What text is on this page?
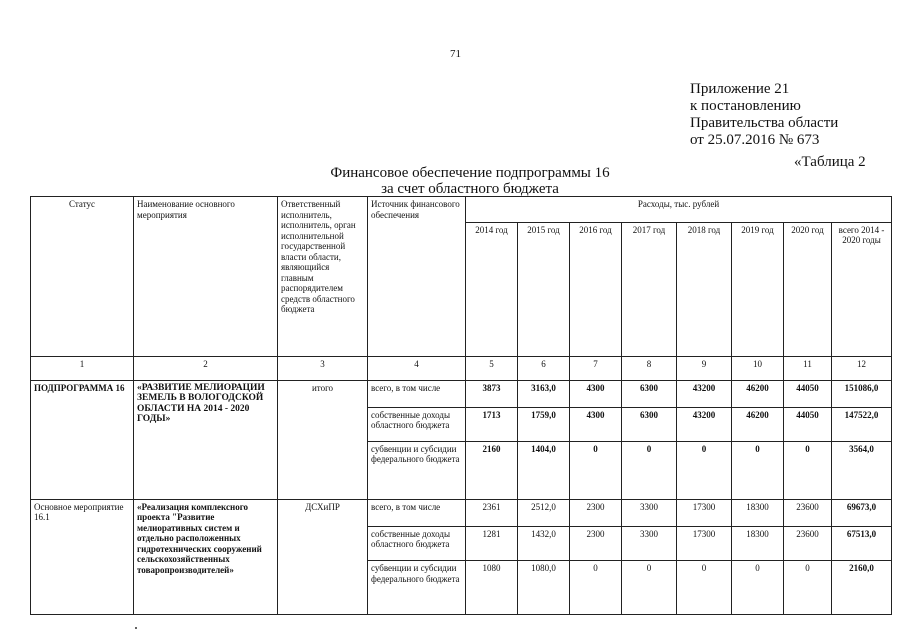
71
Приложение 21
к постановлению
Правительства области
от 25.07.2016 № 673
«Таблица 2
Финансовое обеспечение подпрограммы 16
за счет областного бюджета
Статус	Наименование основного мероприятия	Ответственный исполнитель, исполнитель, орган исполнительной государственной власти области, являющийся главным распорядителем средств областного бюджета	Источник финансового обеспечения	Расходы, тыс. рублей							
				2014 год	2015 год	2016 год	2017 год	2018 год	2019 год	2020 год	всего 2014 - 2020 годы
1	2	3	4	5	6	7	8	9	10	11	12
ПОДПРОГРАММА 16	«РАЗВИТИЕ МЕЛИОРАЦИИ ЗЕМЕЛЬ В ВОЛОГОДСКОЙ ОБЛАСТИ НА 2014 - 2020 ГОДЫ»	итого	всего, в том числе	3873	3163,0	4300	6300	43200	46200	44050	151086,0
			собственные доходы областного бюджета	1713	1759,0	4300	6300	43200	46200	44050	147522,0
			субвенции и субсидии федерального бюджета	2160	1404,0	0	0	0	0	0	3564,0
Основное мероприятие 16.1	«Реализация комплексного проекта "Развитие мелиоративных систем и отдельно расположенных гидротехнических сооружений сельскохозяйственных товаропроизводителей»	ДСХиПР	всего, в том числе	2361	2512,0	2300	3300	17300	18300	23600	69673,0
			собственные доходы областного бюджета	1281	1432,0	2300	3300	17300	18300	23600	67513,0
			субвенции и субсидии федерального бюджета	1080	1080,0	0	0	0	0	0	2160,0
